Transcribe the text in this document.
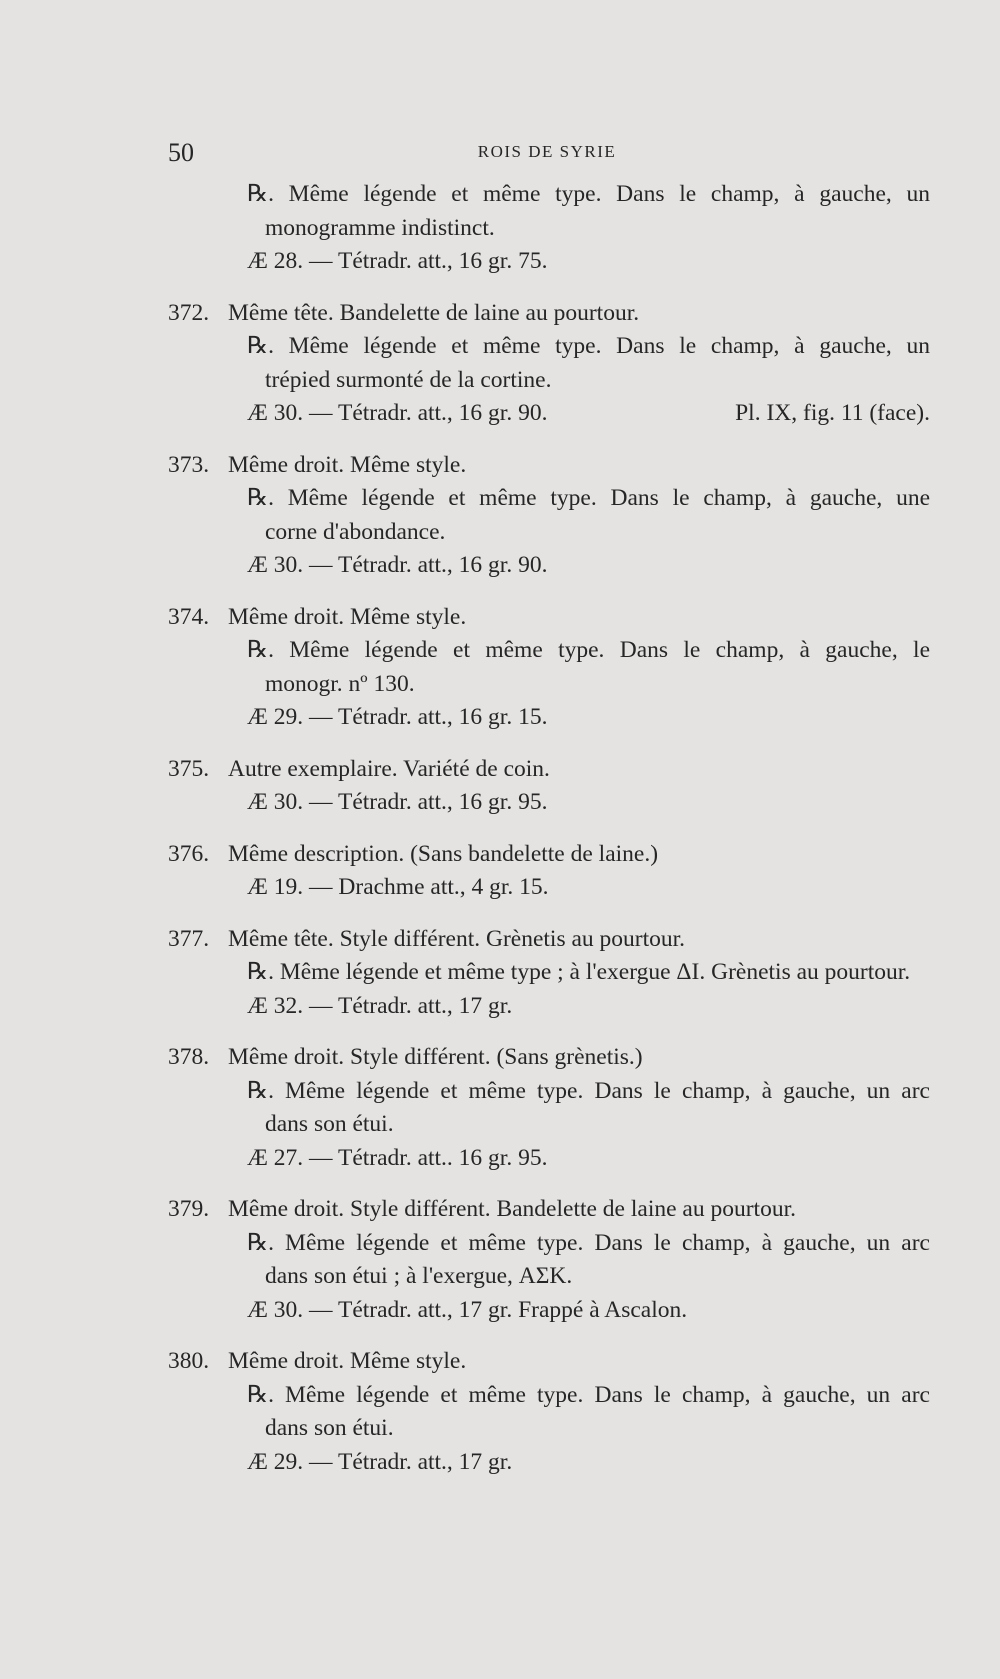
50	ROIS DE SYRIE
℞. Même légende et même type. Dans le champ, à gauche, un
monogramme indistinct.
Æ 28. — Tétradr. att., 16 gr. 75.
372. Même tête. Bandelette de laine au pourtour.
℞. Même légende et même type. Dans le champ, à gauche, un
trépied surmonté de la cortine.
Pl. IX, fig. 11 (face).
Æ 30. — Tétradr. att., 16 gr. 90.
373. Même droit. Même style.
℞. Même légende et même type. Dans le champ, à gauche, une
corne d'abondance.
Æ 30. — Tétradr. att., 16 gr. 90.
374. Même droit. Même style.
℞. Même légende et même type. Dans le champ, à gauche, le
monogr. nº 130.
Æ 29. — Tétradr. att., 16 gr. 15.
375. Autre exemplaire. Variété de coin.
Æ 30. — Tétradr. att., 16 gr. 95.
376. Même description. (Sans bandelette de laine.)
Æ 19. — Drachme att., 4 gr. 15.
377. Même tête. Style différent. Grènetis au pourtour.
℞. Même légende et même type ; à l'exergue ΔΙ. Grènetis au pourtour.
Æ 32. — Tétradr. att., 17 gr.
378. Même droit. Style différent. (Sans grènetis.)
℞. Même légende et même type. Dans le champ, à gauche, un arc
dans son étui.
Æ 27. — Tétradr. att.. 16 gr. 95.
379. Même droit. Style différent. Bandelette de laine au pourtour.
℞. Même légende et même type. Dans le champ, à gauche, un arc
dans son étui ; à l'exergue, ΑΣΚ.
Æ 30. — Tétradr. att., 17 gr. Frappé à Ascalon.
380. Même droit. Même style.
℞. Même légende et même type. Dans le champ, à gauche, un arc
dans son étui.
Æ 29. — Tétradr. att., 17 gr.
